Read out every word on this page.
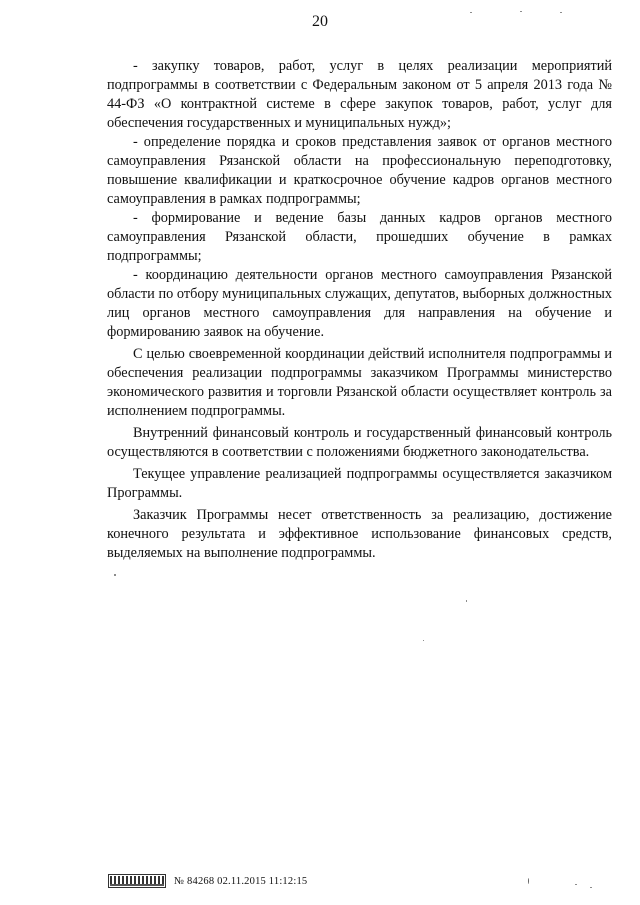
20

- закупку товаров, работ, услуг в целях реализации мероприятий подпрограммы в соответствии с Федеральным законом от 5 апреля 2013 года № 44-ФЗ «О контрактной системе в сфере закупок товаров, работ, услуг для обеспечения государственных и муниципальных нужд»;

- определение порядка и сроков представления заявок от органов местного самоуправления Рязанской области на профессиональную переподготовку, повышение квалификации и краткосрочное обучение кадров органов местного самоуправления в рамках подпрограммы;

- формирование и ведение базы данных кадров органов местного самоуправления Рязанской области, прошедших обучение в рамках подпрограммы;

- координацию деятельности органов местного самоуправления Рязанской области по отбору муниципальных служащих, депутатов, выборных должностных лиц органов местного самоуправления для направления на обучение и формированию заявок на обучение.

С целью своевременной координации действий исполнителя подпрограммы и обеспечения реализации подпрограммы заказчиком Программы министерство экономического развития и торговли Рязанской области осуществляет контроль за исполнением подпрограммы.

Внутренний финансовый контроль и государственный финансовый контроль осуществляются в соответствии с положениями бюджетного законодательства.

Текущее управление реализацией подпрограммы осуществляется заказчиком Программы.

Заказчик Программы несет ответственность за реализацию, достижение конечного результата и эффективное использование финансовых средств, выделяемых на выполнение подпрограммы.

№ 84268 02.11.2015 11:12:15
